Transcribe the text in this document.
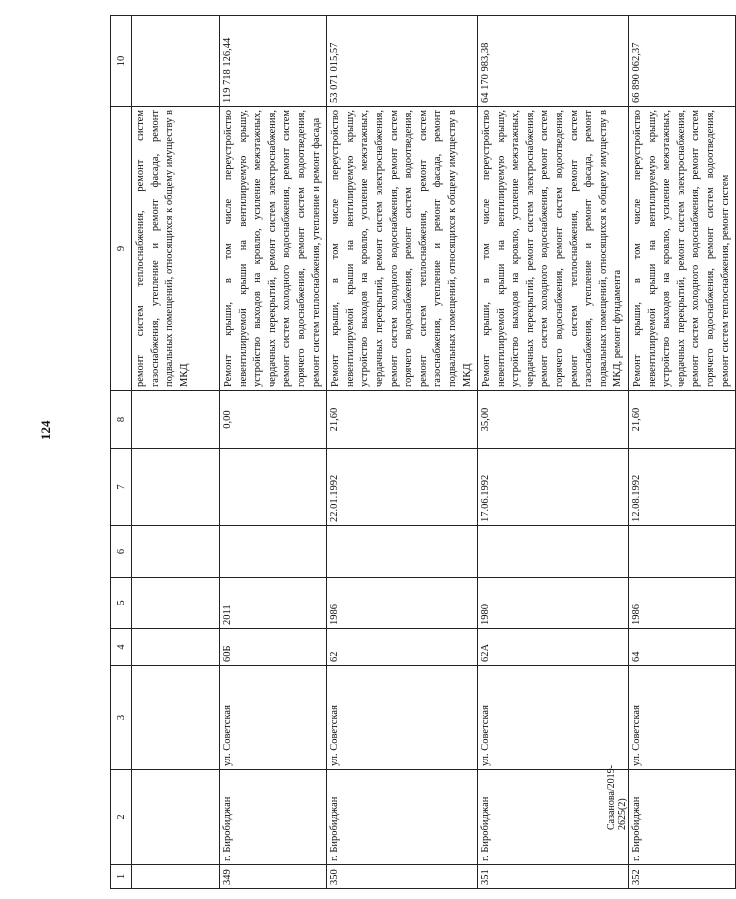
124
1	2	3	4	5	6	7	8	9	10
								ремонт систем теплоснабжения, ремонт систем газоснабжения, утепление и ремонт фасада, ремонт подвальных помещений, относящихся к общему имуществу в МКД	
349	г. Биробиджан	ул. Советская	60Б	2011			0,00	Ремонт крыши, в том числе переустройство невентилируемой крыши на вентилируемую крышу, устройство выходов на кровлю, усиление межэтажных, чердачных перекрытий, ремонт систем электроснабжения, ремонт систем холодного водоснабжения, ремонт систем горячего водоснабжения, ремонт систем водоотведения, ремонт систем теплоснабжения, утепление и ремонт фасада	119 718 126,44
350	г. Биробиджан	ул. Советская	62	1986		22.01.1992	21,60	Ремонт крыши, в том числе переустройство невентилируемой крыши на вентилируемую крышу, устройство выходов на кровлю, усиление межэтажных, чердачных перекрытий, ремонт систем электроснабжения, ремонт систем холодного водоснабжения, ремонт систем горячего водоснабжения, ремонт систем водоотведения, ремонт систем теплоснабжения, ремонт систем газоснабжения, утепление и ремонт фасада, ремонт подвальных помещений, относящихся к общему имуществу в МКД	53 071 015,57
351	г. Биробиджан	ул. Советская	62А	1980		17.06.1992	35,00	Ремонт крыши, в том числе переустройство невентилируемой крыши на вентилируемую крышу, устройство выходов на кровлю, усиление межэтажных, чердачных перекрытий, ремонт систем электроснабжения, ремонт систем холодного водоснабжения, ремонт систем горячего водоснабжения, ремонт систем водоотведения, ремонт систем теплоснабжения, ремонт систем газоснабжения, утепление и ремонт фасада, ремонт подвальных помещений, относящихся к общему имуществу в МКД, ремонт фундамента	64 170 983,38
352	г. Биробиджан	ул. Советская	64	1986		12.08.1992	21,60	Ремонт крыши, в том числе переустройство невентилируемой крыши на вентилируемую крышу, устройство выходов на кровлю, усиление межэтажных, чердачных перекрытий, ремонт систем электроснабжения, ремонт систем холодного водоснабжения, ремонт систем горячего водоснабжения, ремонт систем водоотведения, ремонт систем теплоснабжения, ремонт систем	66 890 062,37
Сазанова/2019-2625(2)
